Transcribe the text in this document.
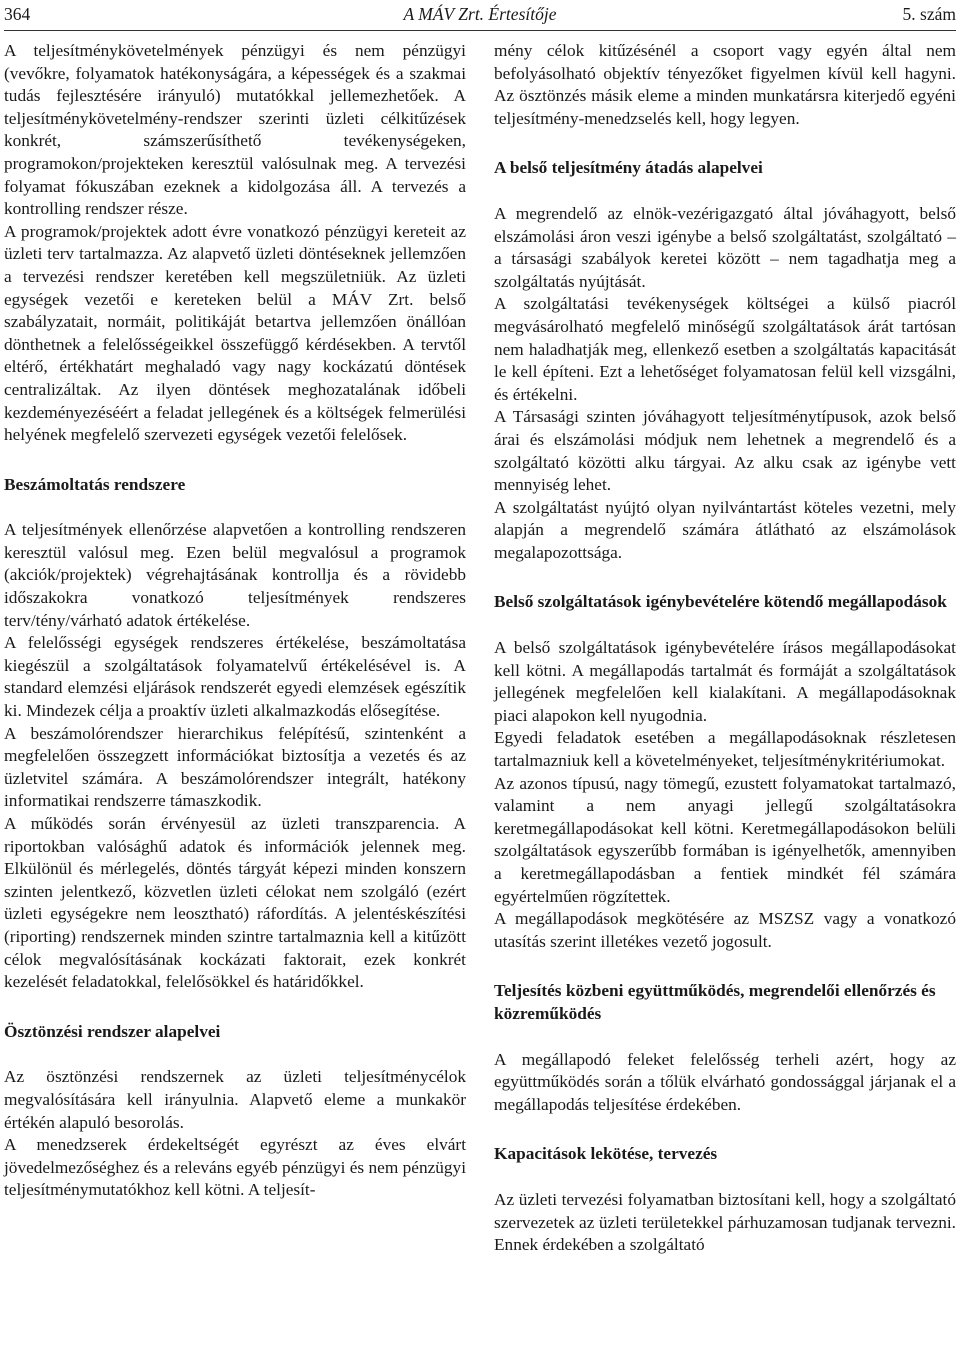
364	A MÁV Zrt. Értesítője	5. szám

A teljesítménykövetelmények pénzügyi és nem pénzügyi (vevőkre, folyamatok hatékonyságára, a képességek és a szakmai tudás fejlesztésére irányuló) mutatókkal jellemezhetőek. A teljesítménykövetelmény-rendszer szerinti üzleti célkitűzések konkrét, számszerűsíthető tevékenységeken, programokon/projekteken keresztül valósulnak meg. A tervezési folyamat fókuszában ezeknek a kidolgozása áll. A tervezés a kontrolling rendszer része.

A programok/projektek adott évre vonatkozó pénzügyi kereteit az üzleti terv tartalmazza. Az alapvető üzleti döntéseknek jellemzően a tervezési rendszer keretében kell megszületniük. Az üzleti egységek vezetői e kereteken belül a MÁV Zrt. belső szabályzatait, normáit, politikáját betartva jellemzően önállóan dönthetnek a felelősségeikkel összefüggő kérdésekben. A tervtől eltérő, értékhatárt meghaladó vagy nagy kockázatú döntések centralizáltak. Az ilyen döntések meghozatalának időbeli kezdeményezéséért a feladat jellegének és a költségek felmerülési helyének megfelelő szervezeti egységek vezetői felelősek.

Beszámoltatás rendszere

A teljesítmények ellenőrzése alapvetően a kontrolling rendszeren keresztül valósul meg. Ezen belül megvalósul a programok (akciók/projektek) végrehajtásának kontrollja és a rövidebb időszakokra vonatkozó teljesítmények rendszeres terv/tény/várható adatok értékelése.

A felelősségi egységek rendszeres értékelése, beszámoltatása kiegészül a szolgáltatások folyamatelvű értékelésével is. A standard elemzési eljárások rendszerét egyedi elemzések egészítik ki. Mindezek célja a proaktív üzleti alkalmazkodás elősegítése.

A beszámolórendszer hierarchikus felépítésű, szintenként a megfelelően összegzett információkat biztosítja a vezetés és az üzletvitel számára. A beszámolórendszer integrált, hatékony informatikai rendszerre támaszkodik.

A működés során érvényesül az üzleti transzparencia. A riportokban valósághű adatok és információk jelennek meg. Elkülönül és mérlegelés, döntés tárgyát képezi minden konszern szinten jelentkező, közvetlen üzleti célokat nem szolgáló (ezért üzleti egységekre nem leosztható) ráfordítás. A jelentéskészítési (riporting) rendszernek minden szintre tartalmaznia kell a kitűzött célok megvalósításának kockázati faktorait, ezek konkrét kezelését feladatokkal, felelősökkel és határidőkkel.

Ösztönzési rendszer alapelvei

Az ösztönzési rendszernek az üzleti teljesítménycélok megvalósítására kell irányulnia. Alapvető eleme a munkakör értékén alapuló besorolás.

A menedzserek érdekeltségét egyrészt az éves elvárt jövedelmezőséghez és a releváns egyéb pénzügyi és nem pénzügyi teljesítménymutatókhoz kell kötni. A teljesít-

mény célok kitűzésénél a csoport vagy egyén által nem befolyásolható objektív tényezőket figyelmen kívül kell hagyni. Az ösztönzés másik eleme a minden munkatársra kiterjedő egyéni teljesítmény-menedzselés kell, hogy legyen.

A belső teljesítmény átadás alapelvei

A megrendelő az elnök-vezérigazgató által jóváhagyott, belső elszámolási áron veszi igénybe a belső szolgáltatást, szolgáltató – a társasági szabályok keretei között – nem tagadhatja meg a szolgáltatás nyújtását.

A szolgáltatási tevékenységek költségei a külső piacról megvásárolható megfelelő minőségű szolgáltatások árát tartósan nem haladhatják meg, ellenkező esetben a szolgáltatás kapacitását le kell építeni. Ezt a lehetőséget folyamatosan felül kell vizsgálni, és értékelni.

A Társasági szinten jóváhagyott teljesítménytípusok, azok belső árai és elszámolási módjuk nem lehetnek a megrendelő és a szolgáltató közötti alku tárgyai. Az alku csak az igénybe vett mennyiség lehet.

A szolgáltatást nyújtó olyan nyilvántartást köteles vezetni, mely alapján a megrendelő számára átlátható az elszámolások megalapozottsága.

Belső szolgáltatások igénybevételére kötendő megállapodások

A belső szolgáltatások igénybevételére írásos megállapodásokat kell kötni. A megállapodás tartalmát és formáját a szolgáltatások jellegének megfelelően kell kialakítani. A megállapodásoknak piaci alapokon kell nyugodnia.

Egyedi feladatok esetében a megállapodásoknak részletesen tartalmazniuk kell a követelményeket, teljesítménykritériumokat.

Az azonos típusú, nagy tömegű, ezustett folyamatokat tartalmazó, valamint a nem anyagi jellegű szolgáltatásokra keretmegállapodásokat kell kötni. Keretmegállapodásokon belüli szolgáltatások egyszerűbb formában is igényelhetők, amennyiben a keretmegállapodásban a fentiek mindkét fél számára egyértelműen rögzítettek.

A megállapodások megkötésére az MSZSZ vagy a vonatkozó utasítás szerint illetékes vezető jogosult.

Teljesítés közbeni együttműködés, megrendelői ellenőrzés és közreműködés

A megállapodó feleket felelősség terheli azért, hogy az együttműködés során a tőlük elvárható gondossággal járjanak el a megállapodás teljesítése érdekében.

Kapacitások lekötése, tervezés

Az üzleti tervezési folyamatban biztosítani kell, hogy a szolgáltató szervezetek az üzleti területekkel párhuzamosan tudjanak tervezni. Ennek érdekében a szolgáltató
